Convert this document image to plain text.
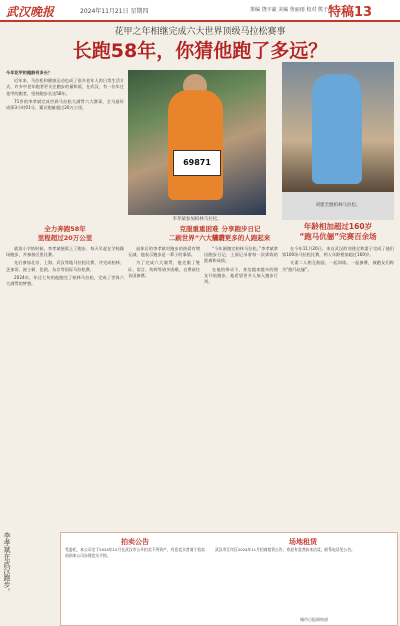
武汉晚报	2024年11月21日 星期四	策编 饶宇豪 美编 鲁丽雨 校对 熊子 特稿13
花甲之年相继完成六大世界顶级马拉松赛事
长跑58年，你猜他跑了多远？

今年花甲的跑龄有多长？

近年来，马拉松和健康运动也成了很多老年人的日常生活方式，许多中老年跑者更关注跑步的量和质，在武汉，有一位年过花甲的跑者，坚持跑步长达58年。

71岁的李孝斌完成世界马拉松大满贯六大赛事，全马最好成绩3小时01分，累计跑量超过20万公里。

69871
李孝斌参加柏林马拉松。
全力奔跑58年
里程超过20万公里
克服重重困难
二刷世界“六大满贯”

就读小学的时候，李孝斌便爱上了跑步，每天早起在学校操场跑步，并参加区里比赛。

先后参加北京、上海、武汉等地马拉松比赛，并完成柏林、芝加哥、波士顿、伦敦、东京等国际马拉松赛。

2024年，年过七旬的他跑完了柏林马拉松，完成了世界六大满贯的梦想。

退休后的李孝斌对跑步的热爱有增无减，他表示跑步是一辈子的事情。

为了完成六大满贯，他克服了签证、语言、伤病等诸多困难，自费前往各国参赛。

分享跑步日记
带动更多的人跑起来

“今年刚跑完柏林马拉松。”李孝斌拿出跑步日记，上面记录着每一次训练的距离和成绩。

在他的带动下，身边越来越多的朋友开始跑步，他希望更多人加入跑步行列。

刘建全跑柏林马拉松。
年龄相加超过160岁
“跑马伉俪”完赛百余场

在今年11月20日，来自武汉的刘建全和妻子完成了他们第100场马拉松比赛，两人年龄相加超过160岁。

夫妻二人相互鼓励，一起训练，一起参赛，被跑友们称为“跑马伉俪”。

李孝斌在武汉跑步。	拍卖公告
受委托，本公司定于2024年12月在武汉市公开拍卖下列资产，有意竞买者请于拍卖前到本公司办理竞买手续。
场地租赁
武汉市江岸区2024年11月招商租赁公告，欢迎有意者前来洽谈，联系电话见公告。
城市日报网络部
